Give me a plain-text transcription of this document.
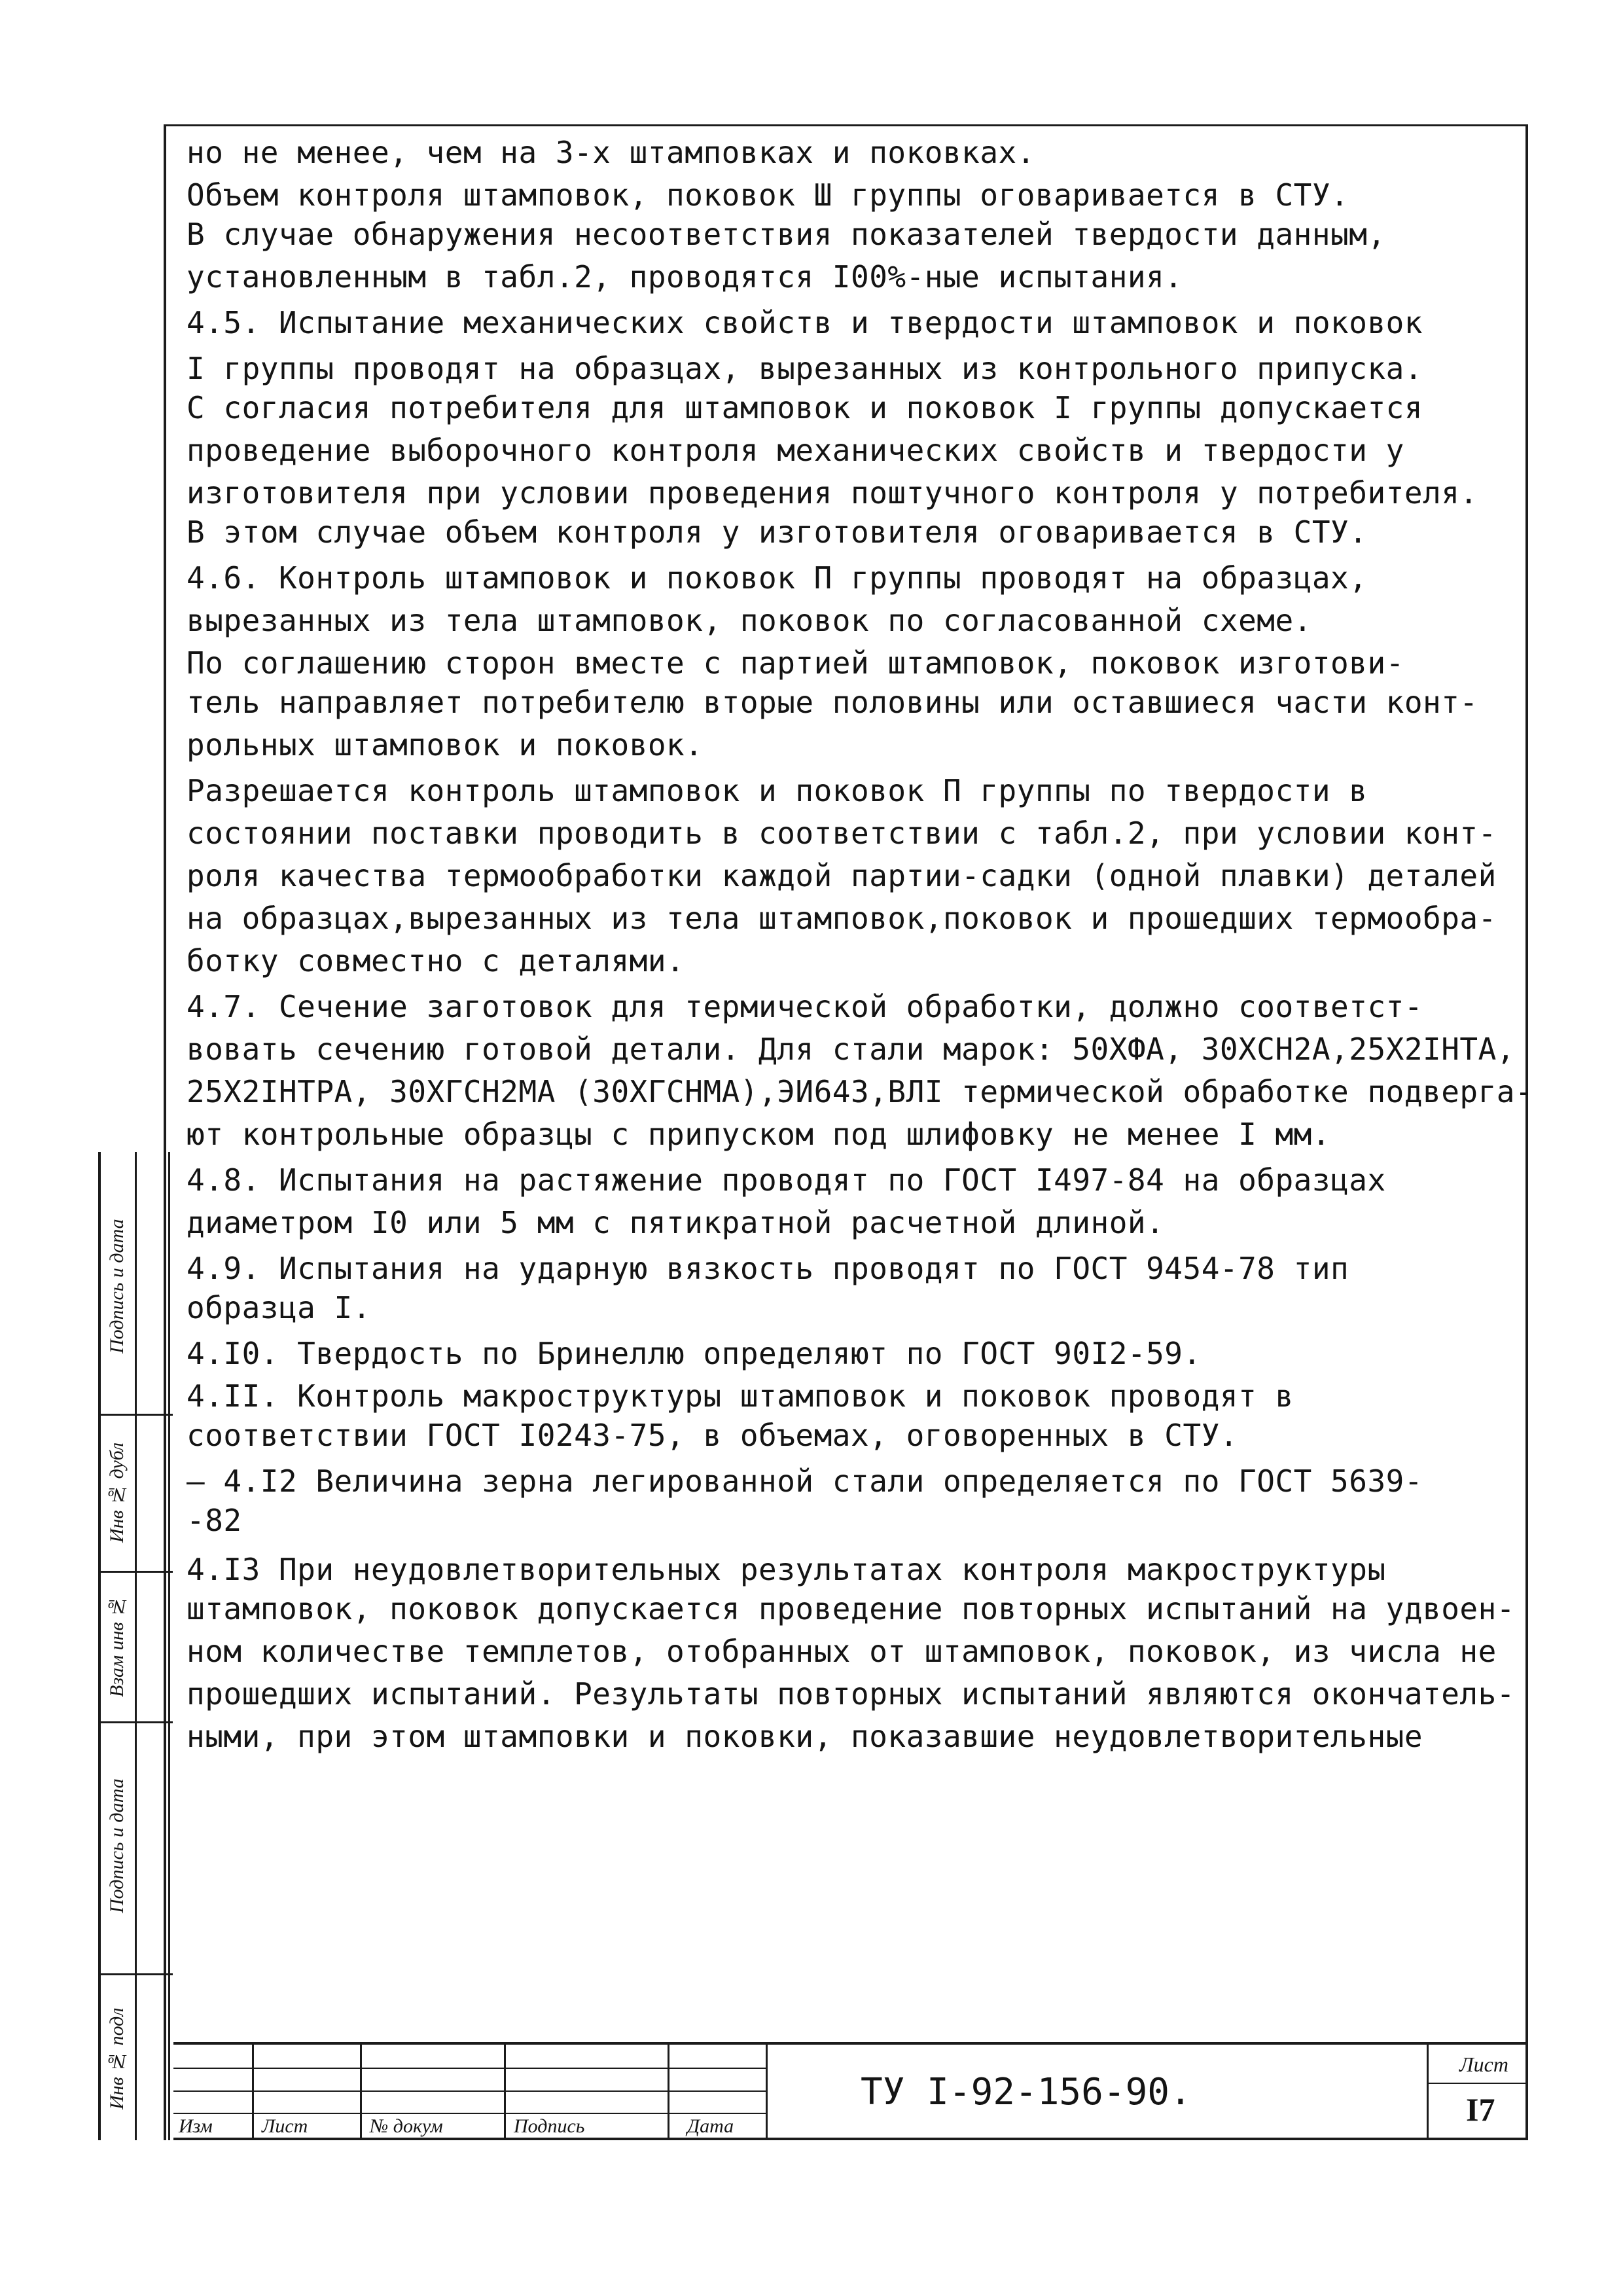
но не менее, чем на 3-х штамповках и поковках.
Объем контроля штамповок, поковок Ш группы оговаривается в СТУ.
В случае обнаружения несоответствия показателей твердости данным,
установленным в табл.2, проводятся I00%-ные испытания.
4.5. Испытание механических свойств и твердости штамповок и поковок
I группы проводят на образцах, вырезанных из контрольного припуска.
С согласия потребителя для штамповок и поковок I группы допускается
проведение выборочного контроля механических свойств и твердости у
изготовителя при условии проведения поштучного контроля у потребителя.
В этом случае объем контроля у изготовителя оговаривается в СТУ.
4.6. Контроль штамповок и поковок П группы проводят на образцах,
вырезанных из тела штамповок, поковок по согласованной схеме.
По соглашению сторон вместе с партией штамповок, поковок изготови-
тель направляет потребителю вторые половины или оставшиеся части конт-
рольных штамповок и поковок.
Разрешается контроль штамповок и поковок П группы по твердости в
состоянии поставки проводить в соответствии с табл.2, при условии конт-
роля качества термообработки каждой партии-садки (одной плавки) деталей
на образцах,вырезанных из тела штамповок,поковок и прошедших термообра-
ботку совместно с деталями.
4.7. Сечение заготовок для термической обработки, должно соответст-
вовать сечению готовой детали. Для стали марок: 50ХФА, 30ХСН2А,25Х2IНТА,
25Х2IНТРА, 30ХГСН2МА (30ХГСНМА),ЭИ643,ВЛI термической обработке подверга-
ют контрольные образцы с припуском под шлифовку не менее I мм.
4.8. Испытания на растяжение проводят по ГОСТ I497-84 на образцах
диаметром I0 или 5 мм с пятикратной расчетной длиной.
4.9. Испытания на ударную вязкость проводят по ГОСТ 9454-78 тип
образца I.
4.I0. Твердость по Бринеллю определяют по ГОСТ 90I2-59.
4.II. Контроль макроструктуры штамповок и поковок проводят в
соответствии ГОСТ I0243-75, в объемах, оговоренных в СТУ.
— 4.I2 Величина зерна легированной стали определяется по ГОСТ 5639-
-82
4.I3 При неудовлетворительных результатах контроля макроструктуры
штамповок, поковок допускается проведение повторных испытаний на удвоен-
ном количестве темплетов, отобранных от штамповок, поковок, из числа не
прошедших испытаний. Результаты повторных испытаний являются окончатель-
ными, при этом штамповки и поковки, показавшие неудовлетворительные
Подпись и дата
Инв № дубл
Взам инв №
Подпись и дата
Инв № подл
Изм	Лист	№ докум	Подпись	Дата
ТУ I-92-156-90.
Лист
I7
